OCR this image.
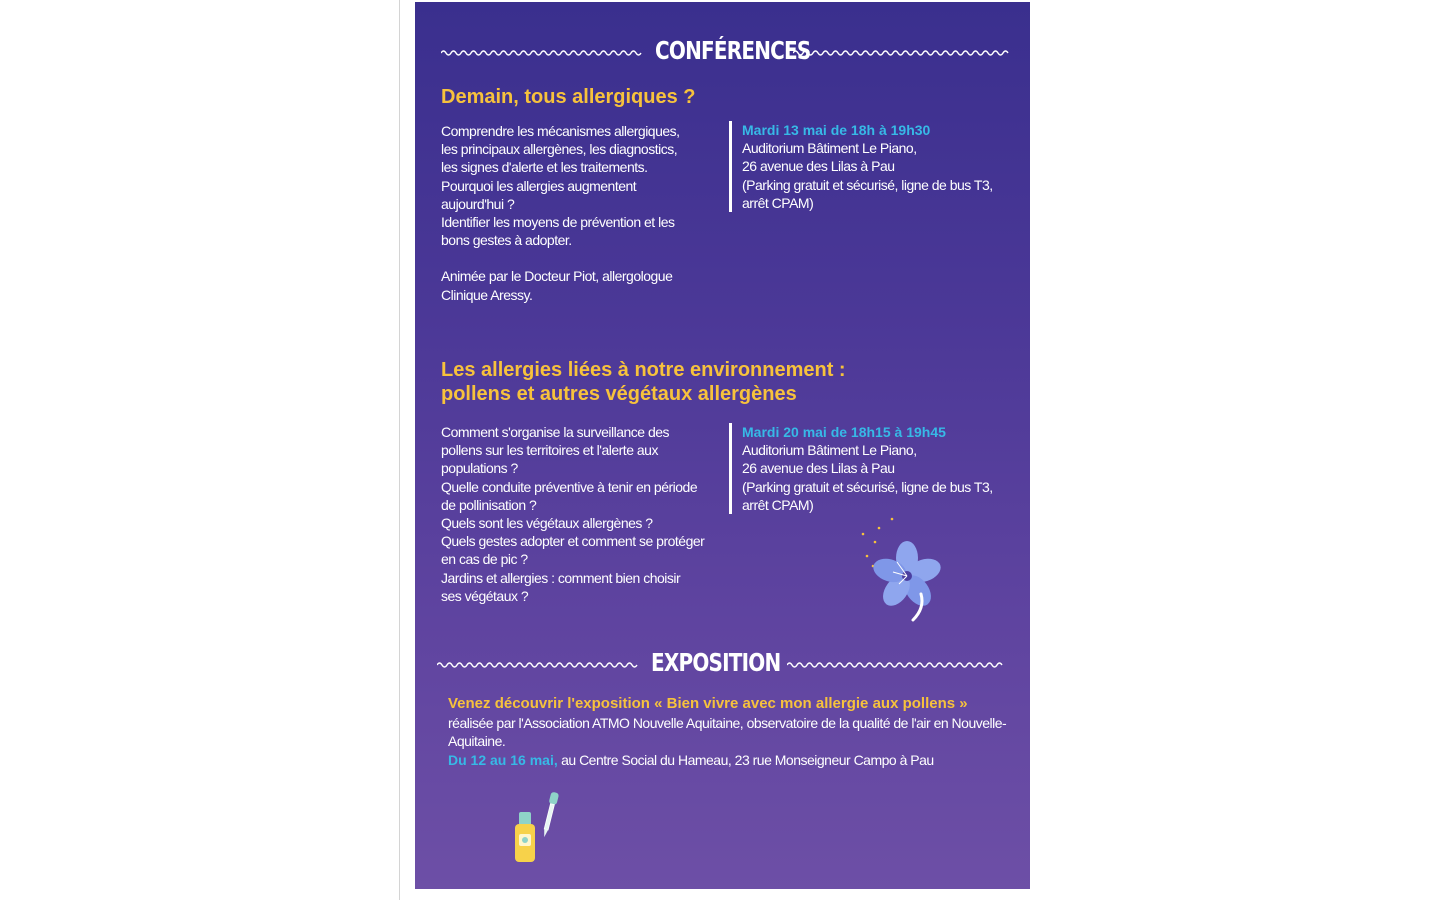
CONFÉRENCES
Demain, tous allergiques ?
Comprendre les mécanismes allergiques,
les principaux allergènes, les diagnostics,
les signes d'alerte et les traitements.
Pourquoi les allergies augmentent
aujourd'hui ?
Identifier les moyens de prévention et les
bons gestes à adopter.
Animée par le Docteur Piot, allergologue
Clinique Aressy.
Mardi 13 mai de 18h à 19h30
Auditorium Bâtiment Le Piano,
26 avenue des Lilas à Pau
(Parking gratuit et sécurisé, ligne de bus T3,
arrêt CPAM)
Les allergies liées à notre environnement :
pollens et autres végétaux allergènes
Comment s'organise la surveillance des
pollens sur les territoires et l'alerte aux
populations ?
Quelle conduite préventive à tenir en période
de pollinisation ?
Quels sont les végétaux allergènes ?
Quels gestes adopter et comment se protéger
en cas de pic ?
Jardins et allergies : comment bien choisir
ses végétaux ?
Mardi 20 mai de 18h15 à 19h45
Auditorium Bâtiment Le Piano,
26 avenue des Lilas à Pau
(Parking gratuit et sécurisé, ligne de bus T3,
arrêt CPAM)
EXPOSITION
Venez découvrir l'exposition « Bien vivre avec mon allergie aux pollens »
réalisée par l'Association ATMO Nouvelle Aquitaine, observatoire de la qualité de l'air en Nouvelle-
Aquitaine.
Du 12 au 16 mai, au Centre Social du Hameau, 23 rue Monseigneur Campo à Pau
